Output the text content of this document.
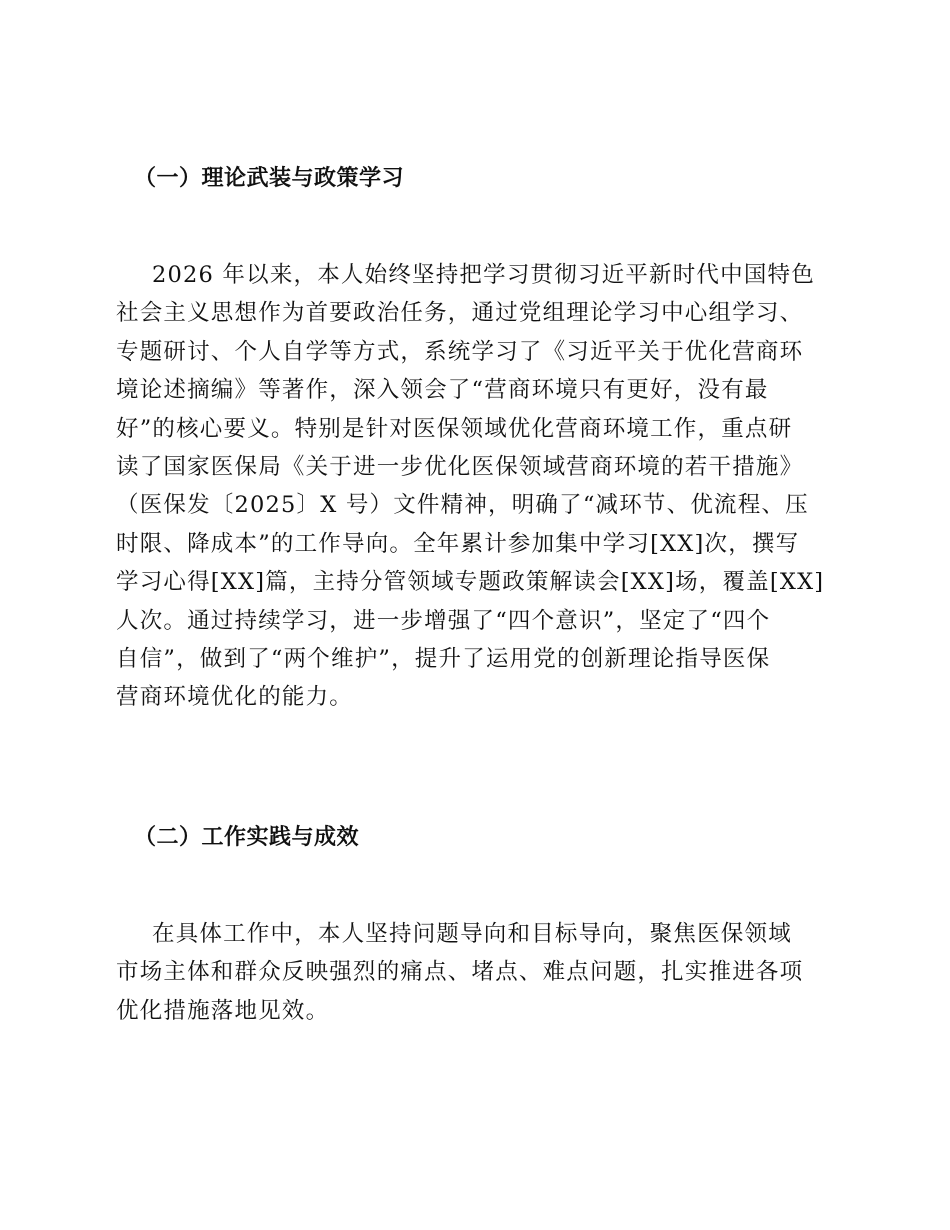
（一）理论武装与政策学习
2026 年以来，本人始终坚持把学习贯彻习近平新时代中国特色
社会主义思想作为首要政治任务，通过党组理论学习中心组学习、
专题研讨、个人自学等方式，系统学习了《习近平关于优化营商环
境论述摘编》等著作，深入领会了“营商环境只有更好，没有最
好”的核心要义。特别是针对医保领域优化营商环境工作，重点研
读了国家医保局《关于进一步优化医保领域营商环境的若干措施》
（医保发〔2025〕X 号）文件精神，明确了“减环节、优流程、压
时限、降成本”的工作导向。全年累计参加集中学习[XX]次，撰写
学习心得[XX]篇，主持分管领域专题政策解读会[XX]场，覆盖[XX]
人次。通过持续学习，进一步增强了“四个意识”，坚定了“四个
自信”，做到了“两个维护”，提升了运用党的创新理论指导医保
营商环境优化的能力。
（二）工作实践与成效
在具体工作中，本人坚持问题导向和目标导向，聚焦医保领域
市场主体和群众反映强烈的痛点、堵点、难点问题，扎实推进各项
优化措施落地见效。
